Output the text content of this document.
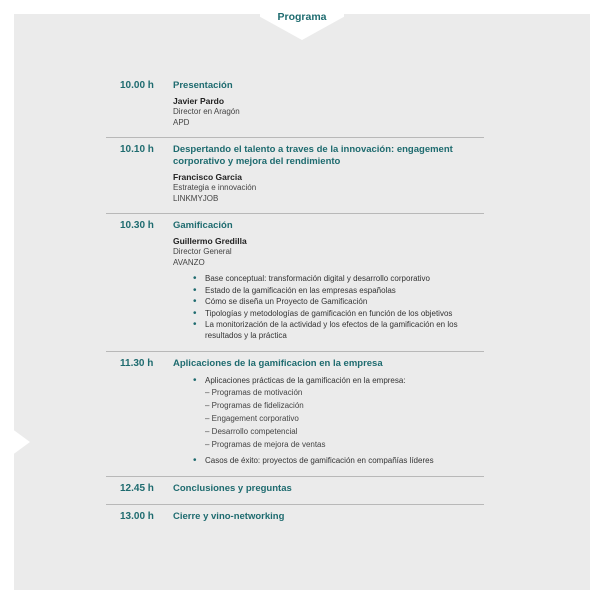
Programa
10.00 h Presentación
Javier Pardo
Director en Aragón
APD
10.10 h Despertando el talento a traves de la innovación: engagement corporativo y mejora del rendimiento
Francisco Garcia
Estrategia e innovación
LINKMYJOB
10.30 h Gamificación
Guillermo Gredilla
Director General
AVANZO
• Base conceptual: transformación digital y desarrollo corporativo
• Estado de la gamificación en las empresas españolas
• Cómo se diseña un Proyecto de Gamificación
• Tipologías y metodologías de gamificación en función de los objetivos
• La monitorización de la actividad y los efectos de la gamificación en los resultados y la práctica
11.30 h Aplicaciones de la gamificacion en la empresa
• Aplicaciones prácticas de la gamificación en la empresa:
– Programas de motivación
– Programas de fidelización
– Engagement corporativo
– Desarrollo competencial
– Programas de mejora de ventas
• Casos de éxito: proyectos de gamificación en compañías líderes
12.45 h Conclusiones y preguntas
13.00 h Cierre y vino-networking
